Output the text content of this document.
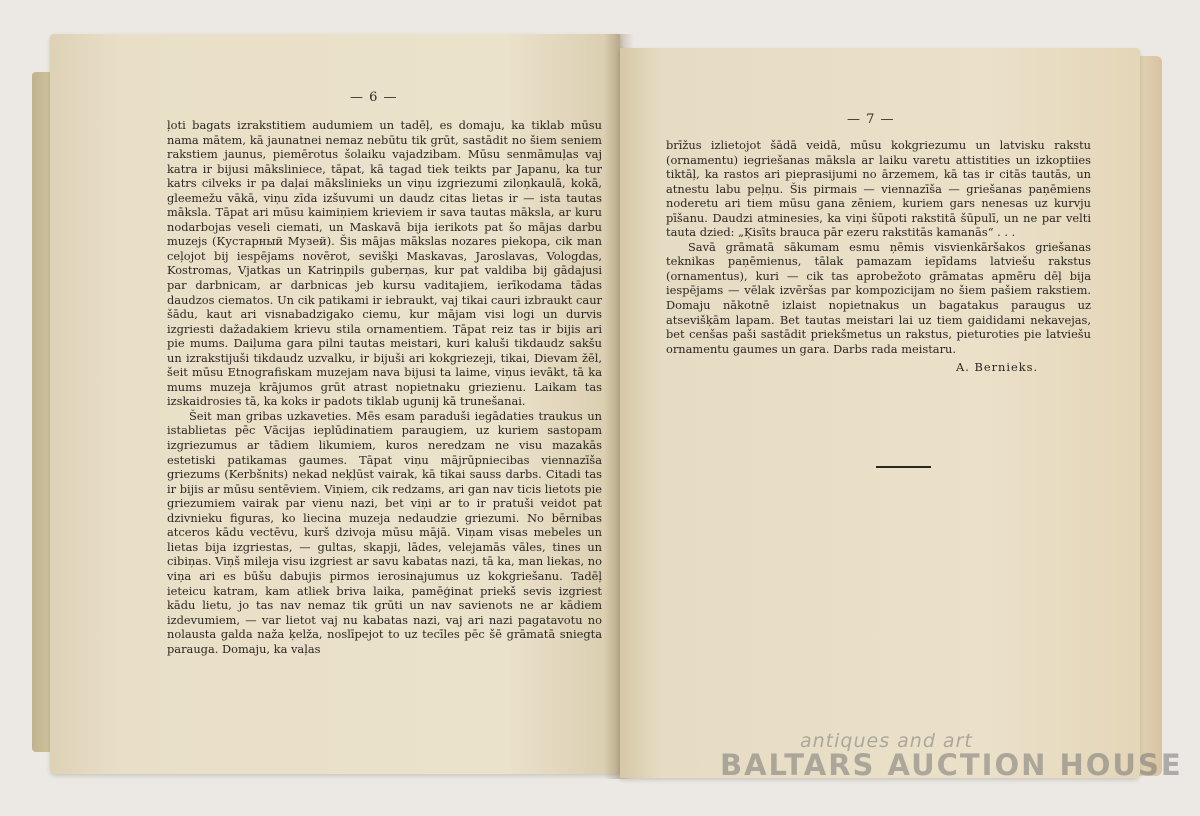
— 6 —

ļoti bagats izrakstitiem audumiem un tadēļ, es domaju, ka tiklab mūsu nama mātem, kā jaunatnei nemaz nebūtu tik grūt, sastādit no šiem seniem rakstiem jaunus, piemērotus šolaiku vajadzibam. Mūsu senmāmuļas vaj katra ir bijusi māksliniece, tāpat, kā tagad tiek teikts par Japanu, ka tur katrs cilveks ir pa daļai mākslinieks un viņu izgriezumi ziloņkaulā, kokā, gleemežu vākā, viņu zīda izšuvumi un daudz citas lietas ir — ista tautas māksla. Tāpat ari mūsu kaimiņiem krieviem ir sava tautas māksla, ar kuru nodarbojas veseli ciemati, un Maskavā bija ierikots pat šo mājas darbu muzejs (Кустарный Музей). Šis mājas mākslas nozares piekopa, cik man ceļojot bij iespējams novērot, sevišķi Maskavas, Jaroslavas, Vologdas, Kostromas, Vjatkas un Katriņpils guberņas, kur pat valdiba bij gādajusi par darbnicam, ar darbnicas jeb kursu vaditajiem, ierīkodama tādas daudzos ciematos. Un cik patikami ir iebraukt, vaj tikai cauri izbraukt caur šādu, kaut ari visnabadzigako ciemu, kur mājam visi logi un durvis izgriesti dažadakiem krievu stila ornamentiem. Tāpat reiz tas ir bijis ari pie mums. Daiļuma gara pilni tautas meistari, kuri kaluši tikdaudz sakšu un izrakstijuši tikdaudz uzvalku, ir bijuši ari kokgriezeji, tikai, Dievam žēl, šeit mūsu Etnografiskam muzejam nava bijusi ta laime, viņus ievākt, tā ka mums muzeja krājumos grūt atrast nopietnaku griezienu. Laikam tas izskaidrosies tā, ka koks ir padots tiklab ugunij kā trunešanai.

Šeit man gribas uzkaveties. Mēs esam paraduši iegādaties traukus un istablietas pēc Vācijas ieplūdinatiem paraugiem, uz kuriem sastopam izgriezumus ar tādiem likumiem, kuros neredzam ne visu mazakās estetiski patikamas gaumes. Tāpat viņu mājrūpniecibas viennazīša griezums (Kerbšnits) nekad neķļūst vairak, kā tikai sauss darbs. Citadi tas ir bijis ar mūsu sentēviem. Viņiem, cik redzams, ari gan nav ticis lietots pie griezumiem vairak par vienu nazi, bet viņi ar to ir pratuši veidot pat dzivnieku figuras, ko liecina muzeja nedaudzie griezumi. No bērnibas atceros kādu vectēvu, kurš dzivoja mūsu mājā. Viņam visas mebeles un lietas bija izgriestas, — gultas, skapji, lādes, velejamās vāles, tines un cibiņas. Viņš mileja visu izgriest ar savu kabatas nazi, tā ka, man liekas, no viņa ari es būšu dabujis pirmos ierosinajumus uz kokgriešanu. Tadēļ ieteicu katram, kam atliek briva laika, pamēģinat priekš sevis izgriest kādu lietu, jo tas nav nemaz tik grūti un nav savienots ne ar kādiem izdevumiem, — var lietot vaj nu kabatas nazi, vaj ari nazi pagatavotu no nolausta galda naža ķelža, noslīpejot to uz tecīles pēc šē grāmatā sniegta parauga. Domaju, ka vaļas

— 7 —

brīžus izlietojot šādā veidā, mūsu kokgriezumu un latvisku rakstu (ornamentu) iegriešanas māksla ar laiku varetu attistities un izkoptiies tiktāļ, ka rastos ari pieprasijumi no ārzemem, kā tas ir citās tautās, un atnestu labu peļņu. Šis pirmais — viennazīša — griešanas paņēmiens noderetu ari tiem mūsu gana zēniem, kuriem gars nenesas uz kurvju pīšanu. Daudzi atminesies, ka viņi šūpoti rakstitā šūpulī, un ne par velti tauta dzied: „Ķisīts brauca pār ezeru rakstitās kamanās“ . . .

Savā grāmatā sākumam esmu ņēmis visvienkāršakos griešanas teknikas paņēmienus, tālak pamazam iepīdams latviešu rakstus (ornamentus), kuri — cik tas aprobežoto grāmatas apmēru dēļ bija iespējams — vēlak izvēršas par kompozicijam no šiem pašiem rakstiem. Domaju nākotnē izlaist nopietnakus un bagatakus paraugus uz atsevišķām lapam. Bet tautas meistari lai uz tiem gaididami nekavejas, bet cenšas paši sastādit priekšmetus un rakstus, pieturoties pie latviešu ornamentu gaumes un gara. Darbs rada meistaru.

A. Bernieks.
antiques and art
BALTARS AUCTION HOUSE
